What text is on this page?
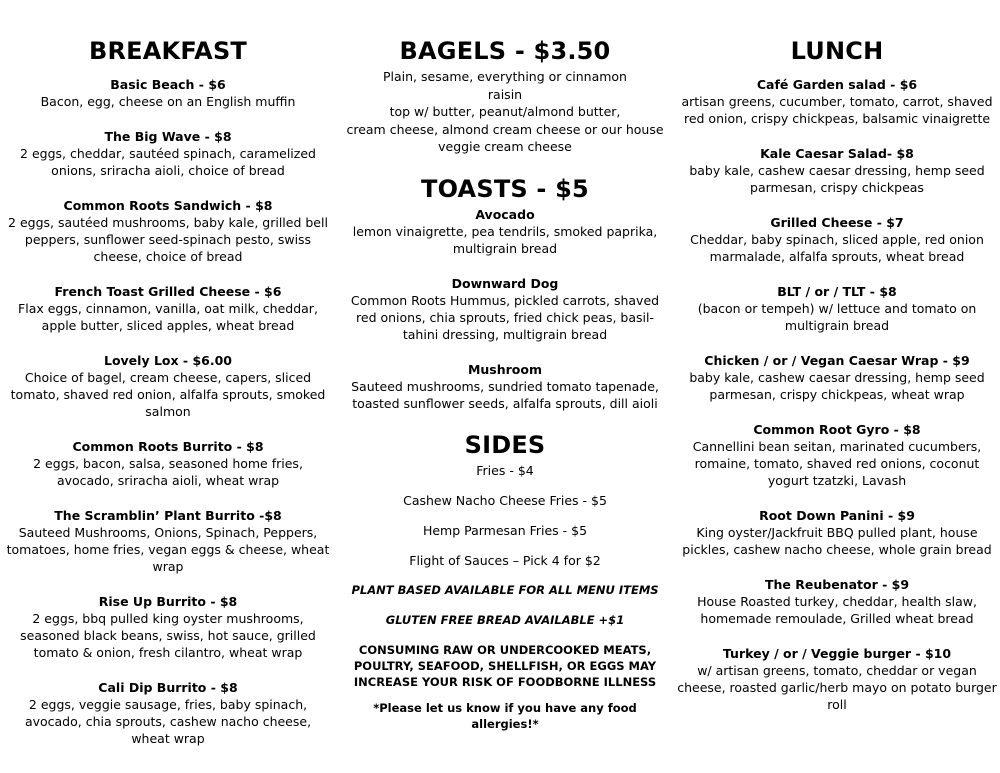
BREAKFAST
Basic Beach - $6
Bacon, egg, cheese on an English muffin
The Big Wave - $8
2 eggs, cheddar, sautéed spinach, caramelized onions, sriracha aioli, choice of bread
Common Roots Sandwich - $8
2 eggs, sautéed mushrooms, baby kale, grilled bell peppers, sunflower seed-spinach pesto, swiss cheese, choice of bread
French Toast Grilled Cheese - $6
Flax eggs, cinnamon, vanilla, oat milk, cheddar, apple butter, sliced apples, wheat bread
Lovely Lox - $6.00
Choice of bagel, cream cheese, capers, sliced tomato, shaved red onion, alfalfa sprouts, smoked salmon
Common Roots Burrito - $8
2 eggs, bacon, salsa, seasoned home fries, avocado, sriracha aioli, wheat wrap
The Scramblin’ Plant Burrito -$8
Sauteed Mushrooms, Onions, Spinach, Peppers, tomatoes, home fries, vegan eggs & cheese, wheat wrap
Rise Up Burrito - $8
2 eggs, bbq pulled king oyster mushrooms, seasoned black beans, swiss, hot sauce, grilled tomato & onion, fresh cilantro, wheat wrap
Cali Dip Burrito - $8
2 eggs, veggie sausage, fries, baby spinach, avocado, chia sprouts, cashew nacho cheese, wheat wrap
BAGELS - $3.50
Plain, sesame, everything or cinnamon
raisin
top w/ butter, peanut/almond butter,
cream cheese, almond cream cheese or our house
veggie cream cheese
TOASTS - $5
Avocado
lemon vinaigrette, pea tendrils, smoked paprika, multigrain bread
Downward Dog
Common Roots Hummus, pickled carrots, shaved red onions, chia sprouts, fried chick peas, basil-tahini dressing, multigrain bread
Mushroom
Sauteed mushrooms, sundried tomato tapenade, toasted sunflower seeds, alfalfa sprouts, dill aioli
SIDES
Fries - $4
Cashew Nacho Cheese Fries - $5
Hemp Parmesan Fries - $5
Flight of Sauces – Pick 4 for $2
PLANT BASED AVAILABLE FOR ALL MENU ITEMS
GLUTEN FREE BREAD AVAILABLE +$1
CONSUMING RAW OR UNDERCOOKED MEATS,
POULTRY, SEAFOOD, SHELLFISH, OR EGGS MAY
INCREASE YOUR RISK OF FOODBORNE ILLNESS
*Please let us know if you have any food allergies!*
LUNCH
Café Garden salad - $6
artisan greens, cucumber, tomato, carrot, shaved red onion, crispy chickpeas, balsamic vinaigrette
Kale Caesar Salad- $8
baby kale, cashew caesar dressing, hemp seed parmesan, crispy chickpeas
Grilled Cheese - $7
Cheddar, baby spinach, sliced apple, red onion marmalade, alfalfa sprouts, wheat bread
BLT / or / TLT - $8
(bacon or tempeh) w/ lettuce and tomato on multigrain bread
Chicken / or / Vegan Caesar Wrap - $9
baby kale, cashew caesar dressing, hemp seed parmesan, crispy chickpeas, wheat wrap
Common Root Gyro - $8
Cannellini bean seitan, marinated cucumbers, romaine, tomato, shaved red onions, coconut yogurt tzatzki, Lavash
Root Down Panini - $9
King oyster/Jackfruit BBQ pulled plant, house pickles, cashew nacho cheese, whole grain bread
The Reubenator - $9
House Roasted turkey, cheddar, health slaw, homemade remoulade, Grilled wheat bread
Turkey / or / Veggie burger - $10
w/ artisan greens, tomato, cheddar or vegan cheese, roasted garlic/herb mayo on potato burger roll
